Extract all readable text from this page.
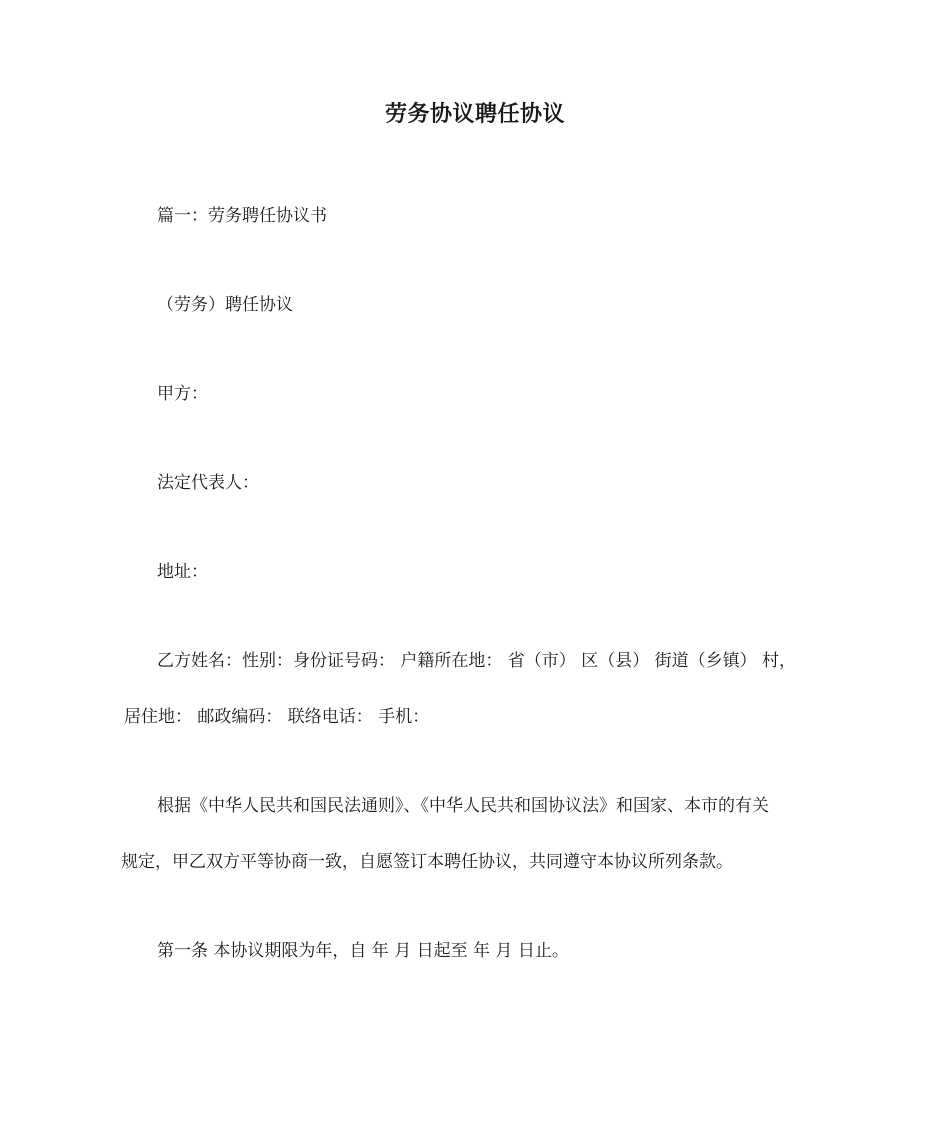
劳务协议聘任协议
篇一：劳务聘任协议书
（劳务）聘任协议
甲方：
法定代表人：
地址：
乙方姓名：性别：身份证号码： 户籍所在地： 省（市） 区（县） 街道（乡镇） 村，
居住地： 邮政编码： 联络电话： 手机：
根据《中华人民共和国民法通则》、《中华人民共和国协议法》和国家、本市的有关
规定，甲乙双方平等协商一致，自愿签订本聘任协议，共同遵守本协议所列条款。
第一条 本协议期限为年，自 年 月 日起至 年 月 日止。
